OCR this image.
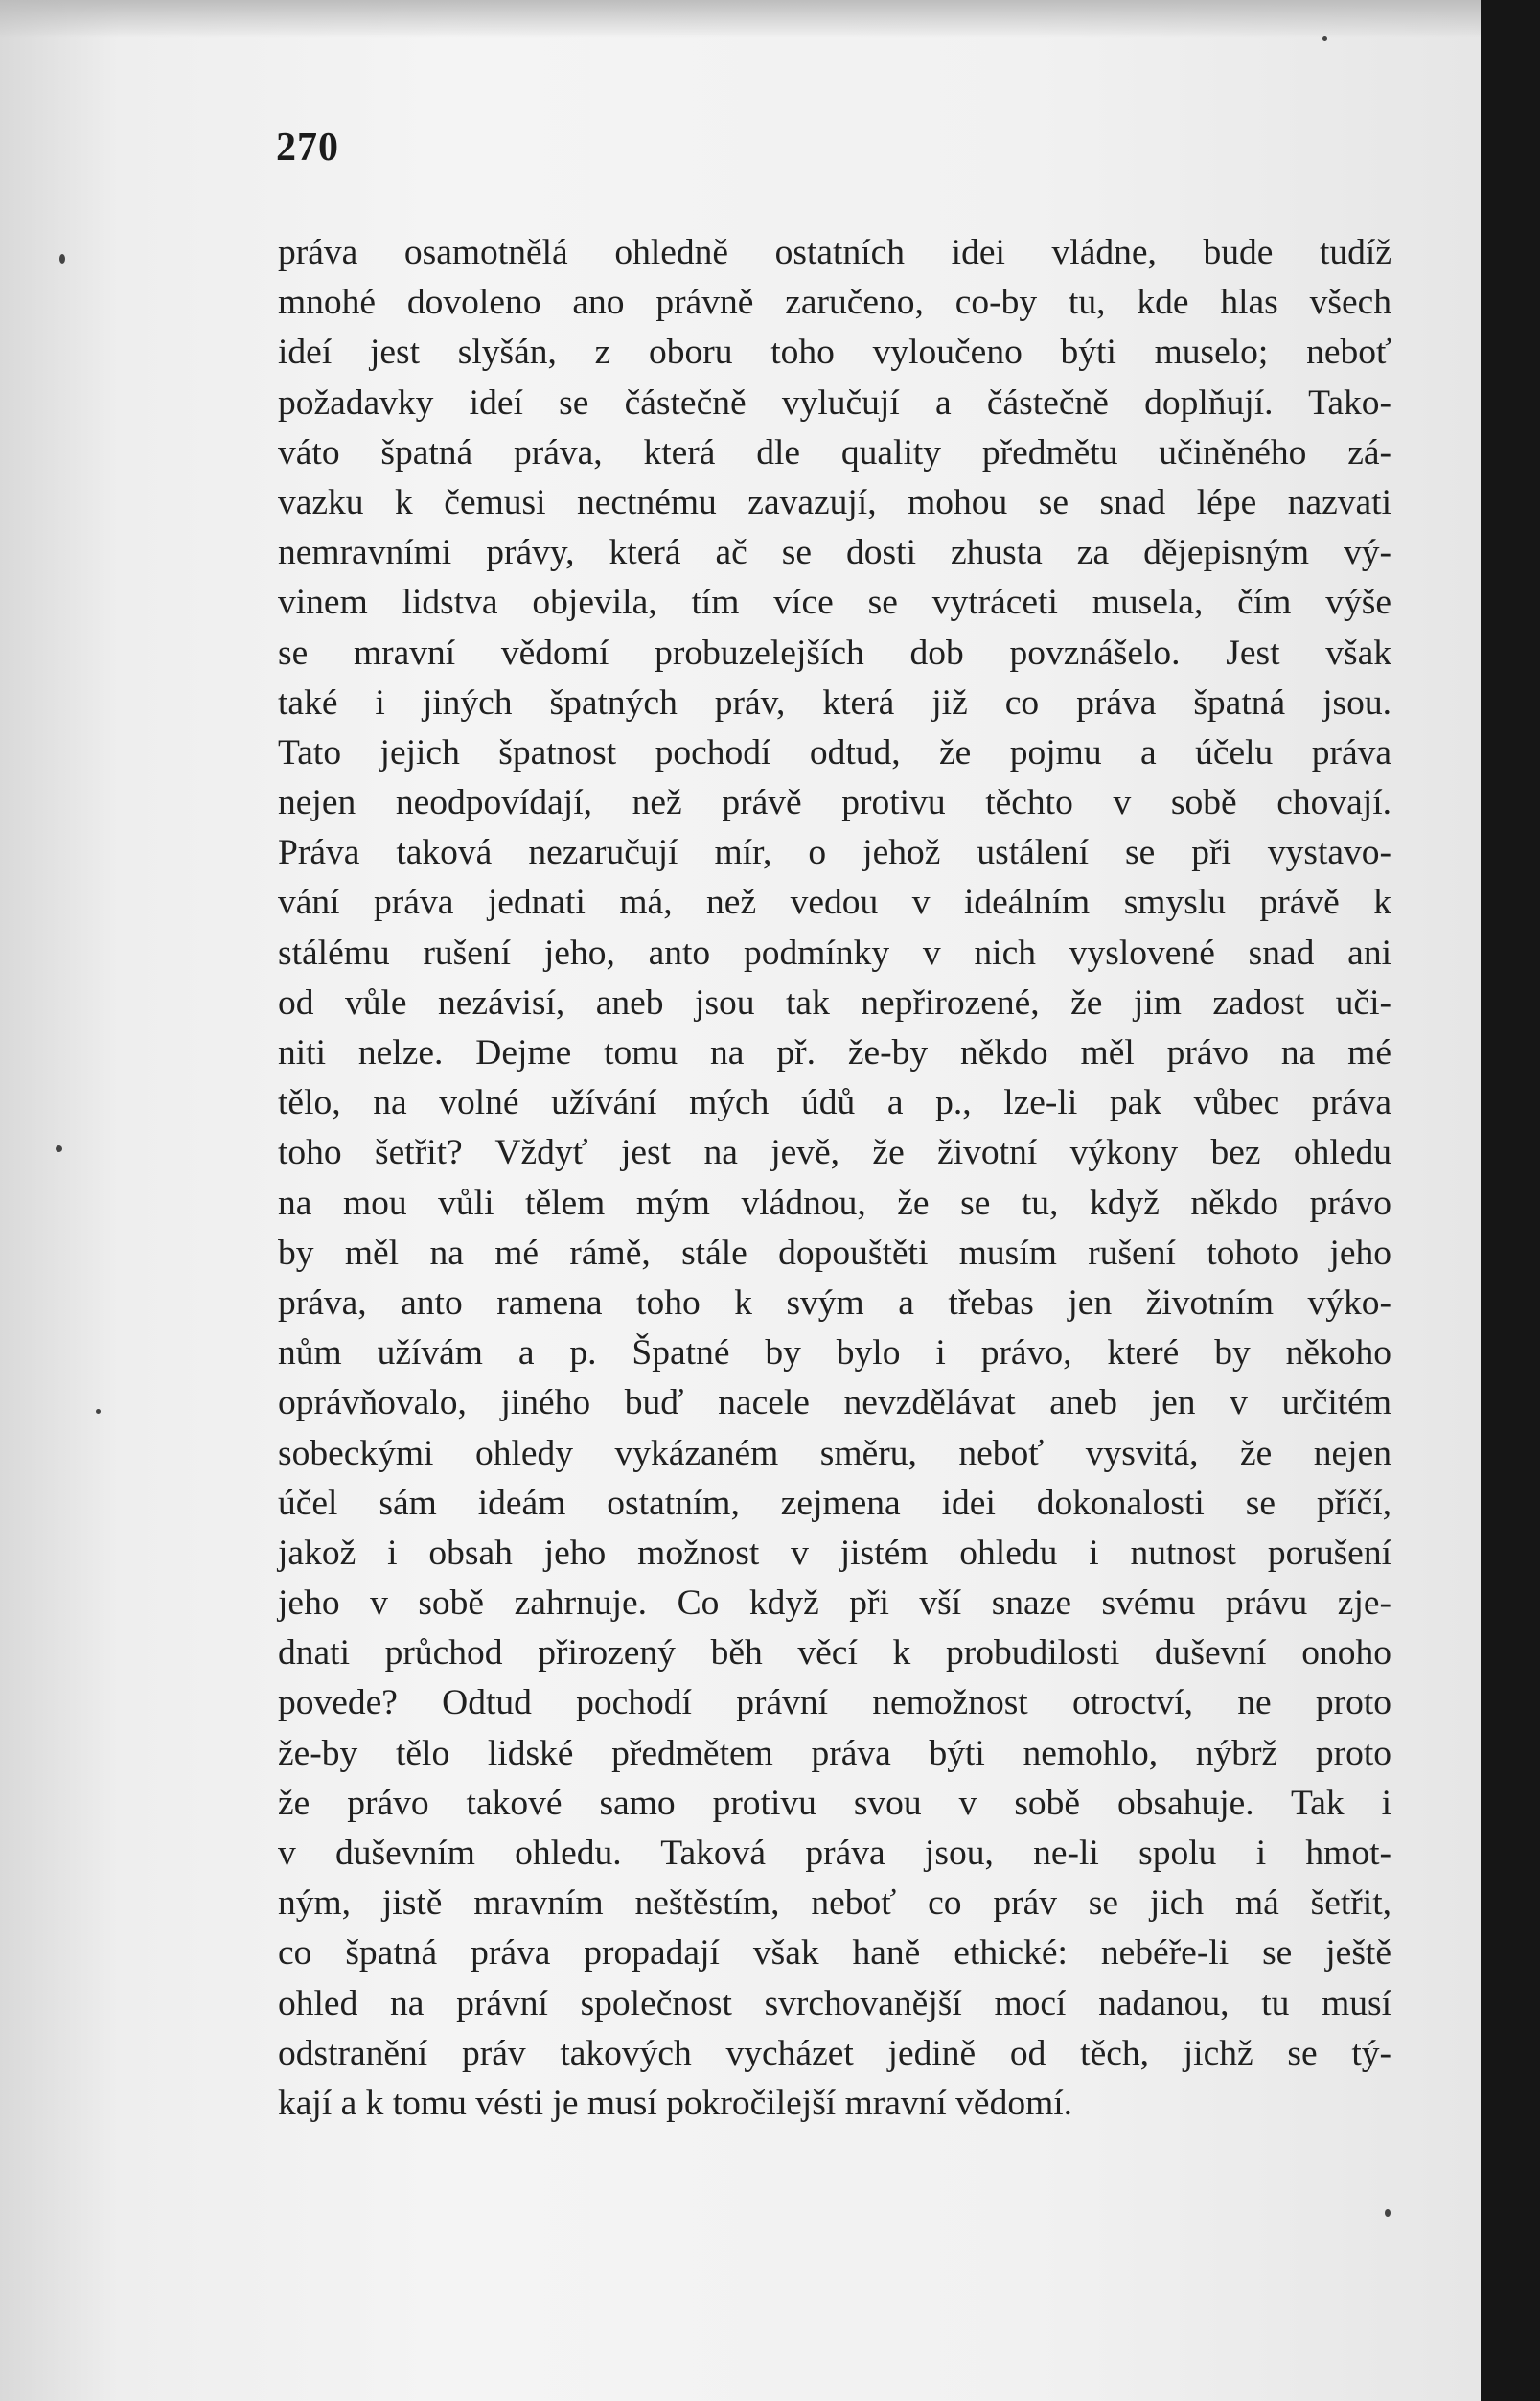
270
práva osamotnělá ohledně ostatních idei vládne, bude tudíž
mnohé dovoleno ano právně zaručeno, co-by tu, kde hlas všech
ideí jest slyšán, z oboru toho vyloučeno býti muselo; neboť
požadavky ideí se částečně vylučují a částečně doplňují. Tako-
váto špatná práva, která dle quality předmětu učiněného zá-
vazku k čemusi nectnému zavazují, mohou se snad lépe nazvati
nemravními právy, která ač se dosti zhusta za dějepisným vý-
vinem lidstva objevila, tím více se vytráceti musela, čím výše
se mravní vědomí probuzelejších dob povznášelo. Jest však
také i jiných špatných práv, která již co práva špatná jsou.
Tato jejich špatnost pochodí odtud, že pojmu a účelu práva
nejen neodpovídají, než právě protivu těchto v sobě chovají.
Práva taková nezaručují mír, o jehož ustálení se při vystavo-
vání práva jednati má, než vedou v ideálním smyslu právě k
stálému rušení jeho, anto podmínky v nich vyslovené snad ani
od vůle nezávisí, aneb jsou tak nepřirozené, že jim zadost uči-
niti nelze. Dejme tomu na př. že-by někdo měl právo na mé
tělo, na volné užívání mých údů a p., lze-li pak vůbec práva
toho šetřit? Vždyť jest na jevě, že životní výkony bez ohledu
na mou vůli tělem mým vládnou, že se tu, když někdo právo
by měl na mé rámě, stále dopouštěti musím rušení tohoto jeho
práva, anto ramena toho k svým a třebas jen životním výko-
nům užívám a p. Špatné by bylo i právo, které by někoho
oprávňovalo, jiného buď nacele nevzdělávat aneb jen v určitém
sobeckými ohledy vykázaném směru, neboť vysvitá, že nejen
účel sám ideám ostatním, zejmena idei dokonalosti se příčí,
jakož i obsah jeho možnost v jistém ohledu i nutnost porušení
jeho v sobě zahrnuje. Co když při vší snaze svému právu zje-
dnati průchod přirozený běh věcí k probudilosti duševní onoho
povede? Odtud pochodí právní nemožnost otroctví, ne proto
že-by tělo lidské předmětem práva býti nemohlo, nýbrž proto
že právo takové samo protivu svou v sobě obsahuje. Tak i
v duševním ohledu. Taková práva jsou, ne-li spolu i hmot-
ným, jistě mravním neštěstím, neboť co práv se jich má šetřit,
co špatná práva propadají však haně ethické: nebéře-li se ještě
ohled na právní společnost svrchovanější mocí nadanou, tu musí
odstranění práv takových vycházet jedině od těch, jichž se tý-
kají a k tomu vésti je musí pokročilejší mravní vědomí.
